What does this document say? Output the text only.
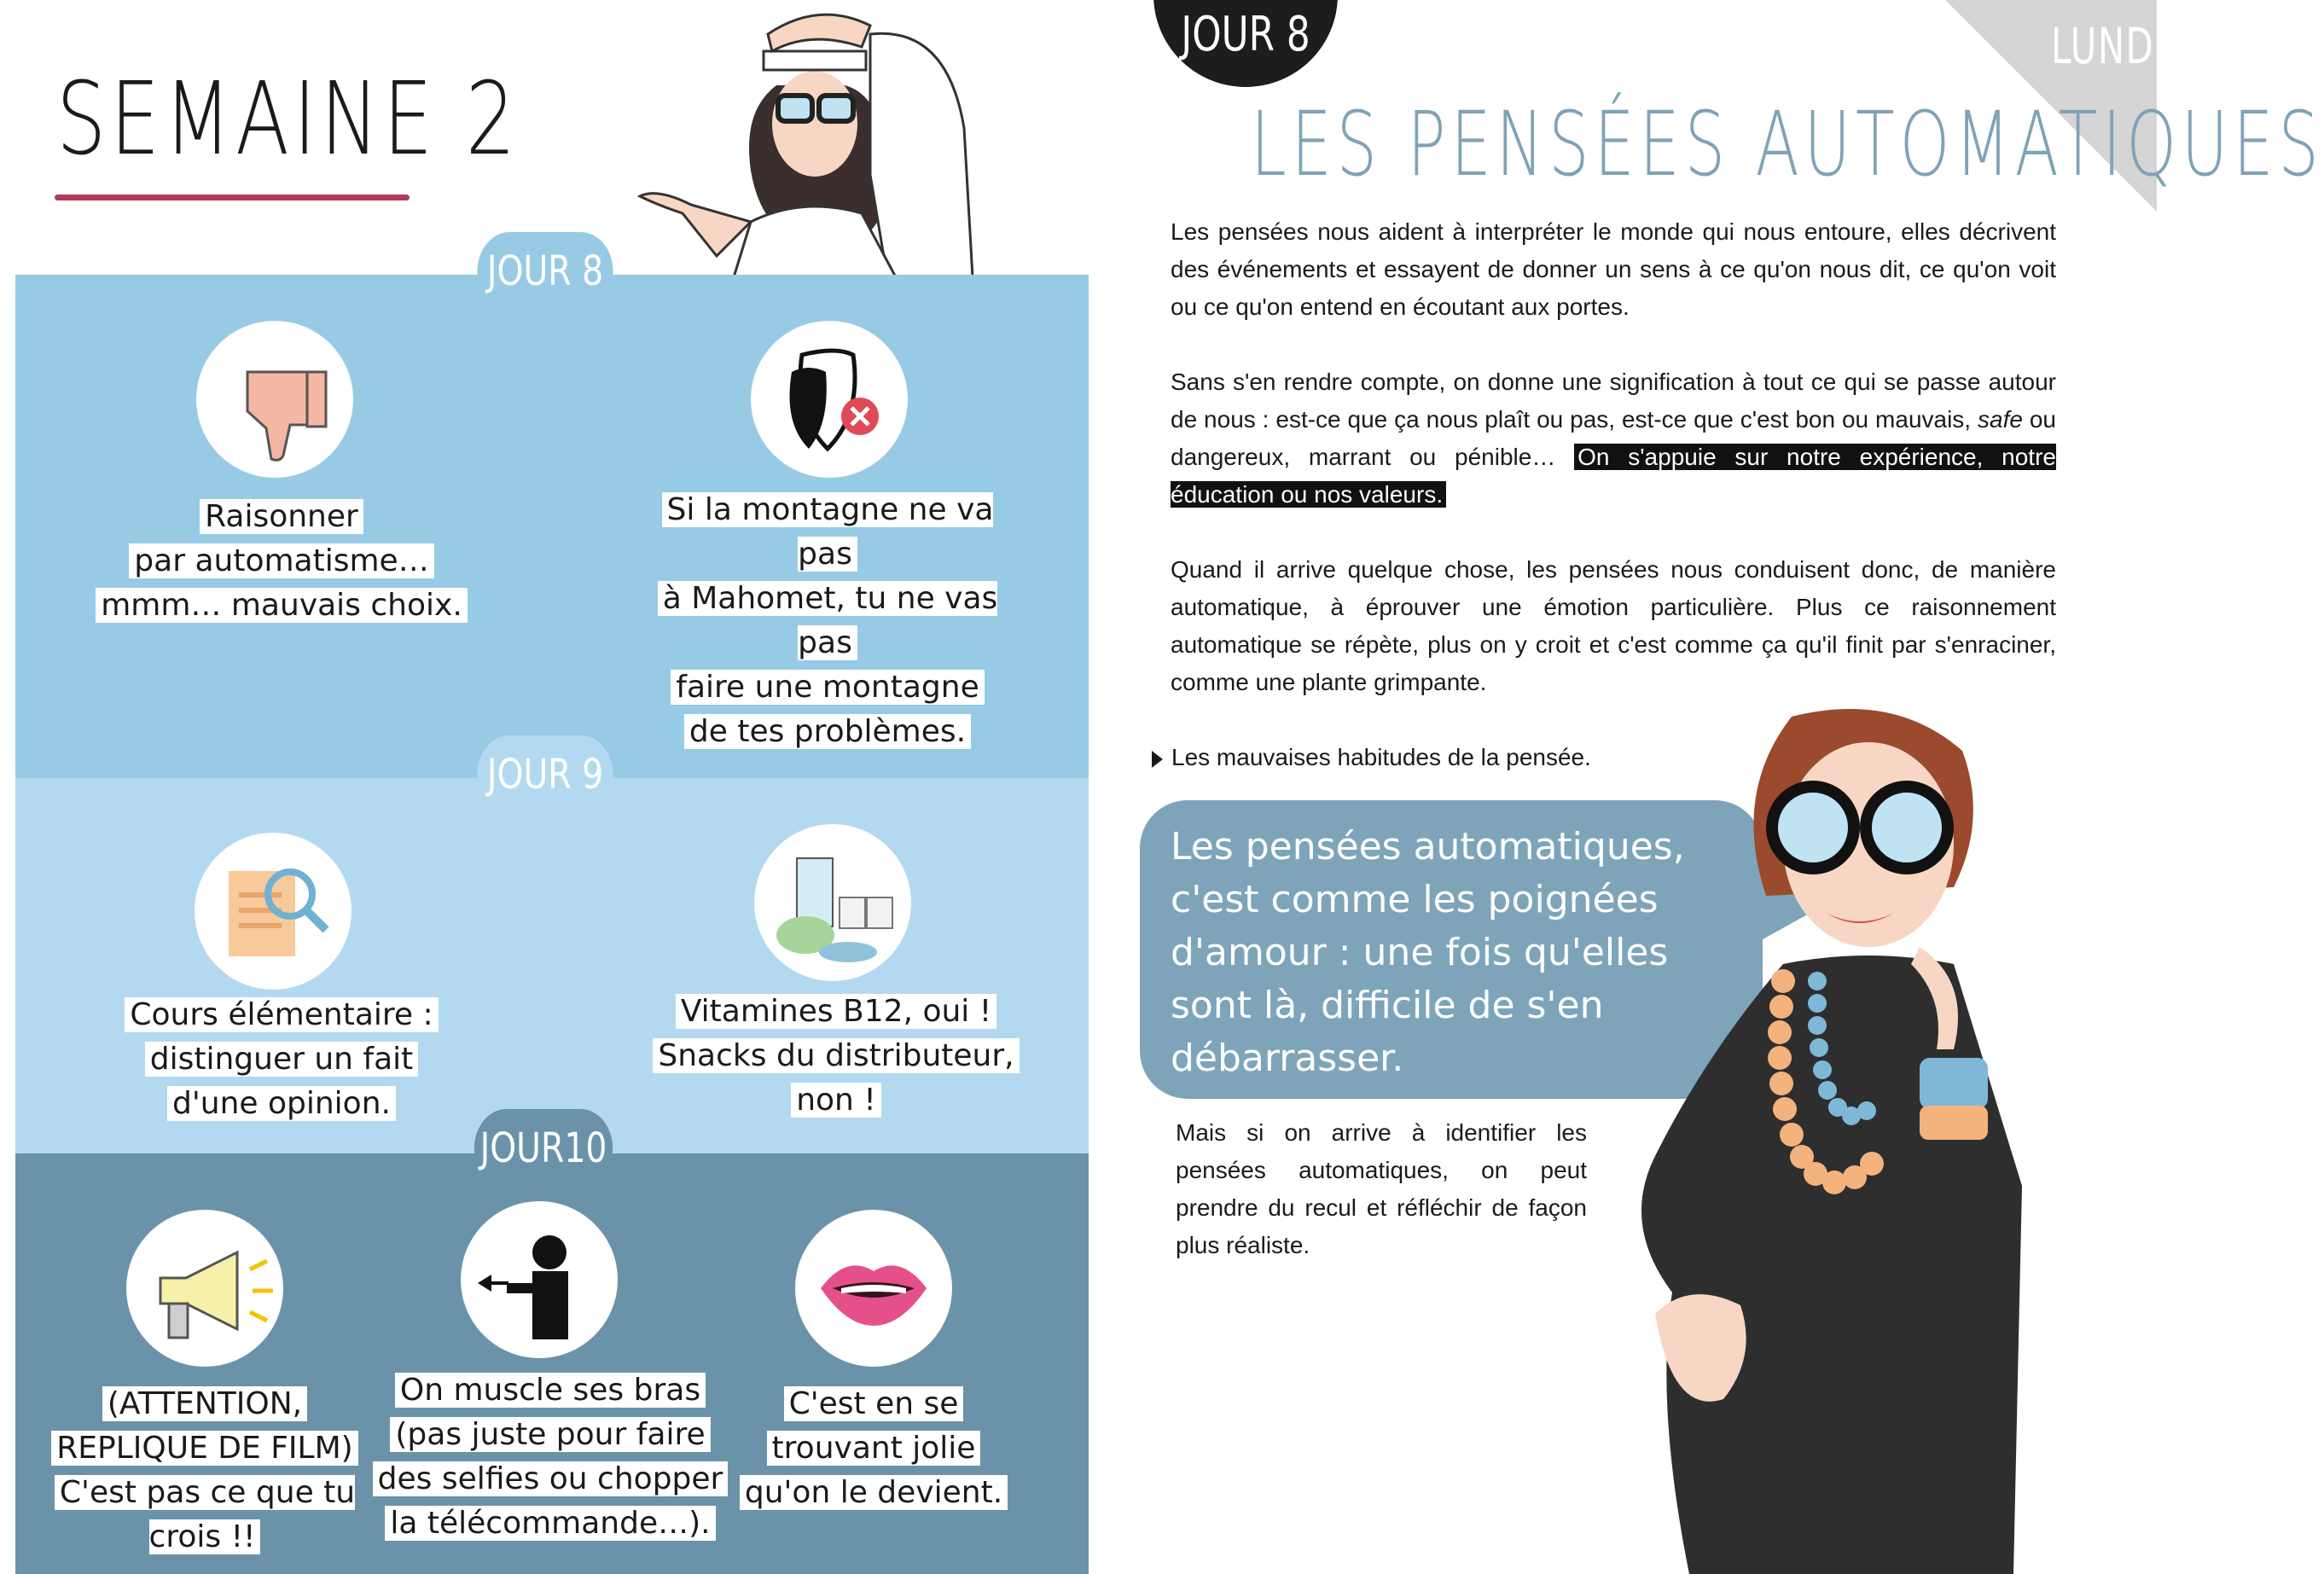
SEMAINE 2
JOUR 8
JOUR 9
JOUR10
Raisonner
par automatisme…
mmm… mauvais choix.
Si la montagne ne va pas
à Mahomet, tu ne vas pas
faire une montagne
de tes problèmes.
Cours élémentaire :
distinguer un fait
d'une opinion.
Vitamines B12, oui !
Snacks du distributeur,
non !
(ATTENTION,
REPLIQUE DE FILM)
C'est pas ce que tu crois !!
On muscle ses bras
(pas juste pour faire
des selfies ou chopper
la télécommande…).
C'est en se
trouvant jolie
qu'on le devient.
JOUR 8	LUNDI
LES PENSÉES AUTOMATIQUES
Les pensées nous aident à interpréter le monde qui nous entoure, elles décrivent des événements et essayent de donner un sens à ce qu'on nous dit, ce qu'on voit ou ce qu'on entend en écoutant aux portes.
Sans s'en rendre compte, on donne une signification à tout ce qui se passe autour de nous : est-ce que ça nous plaît ou pas, est-ce que c'est bon ou mauvais, safe ou dangereux, marrant ou pénible… On s'appuie sur notre expérience, notre éducation ou nos valeurs.
Quand il arrive quelque chose, les pensées nous conduisent donc, de manière automatique, à éprouver une émotion particulière. Plus ce raisonnement automatique se répète, plus on y croit et c'est comme ça qu'il finit par s'enraciner, comme une plante grimpante.
Les mauvaises habitudes de la pensée.
Les pensées automatiques, c'est comme les poignées d'amour : une fois qu'elles sont là, difficile de s'en débarrasser.
Mais si on arrive à identifier les pensées automatiques, on peut prendre du recul et réfléchir de façon plus réaliste.
